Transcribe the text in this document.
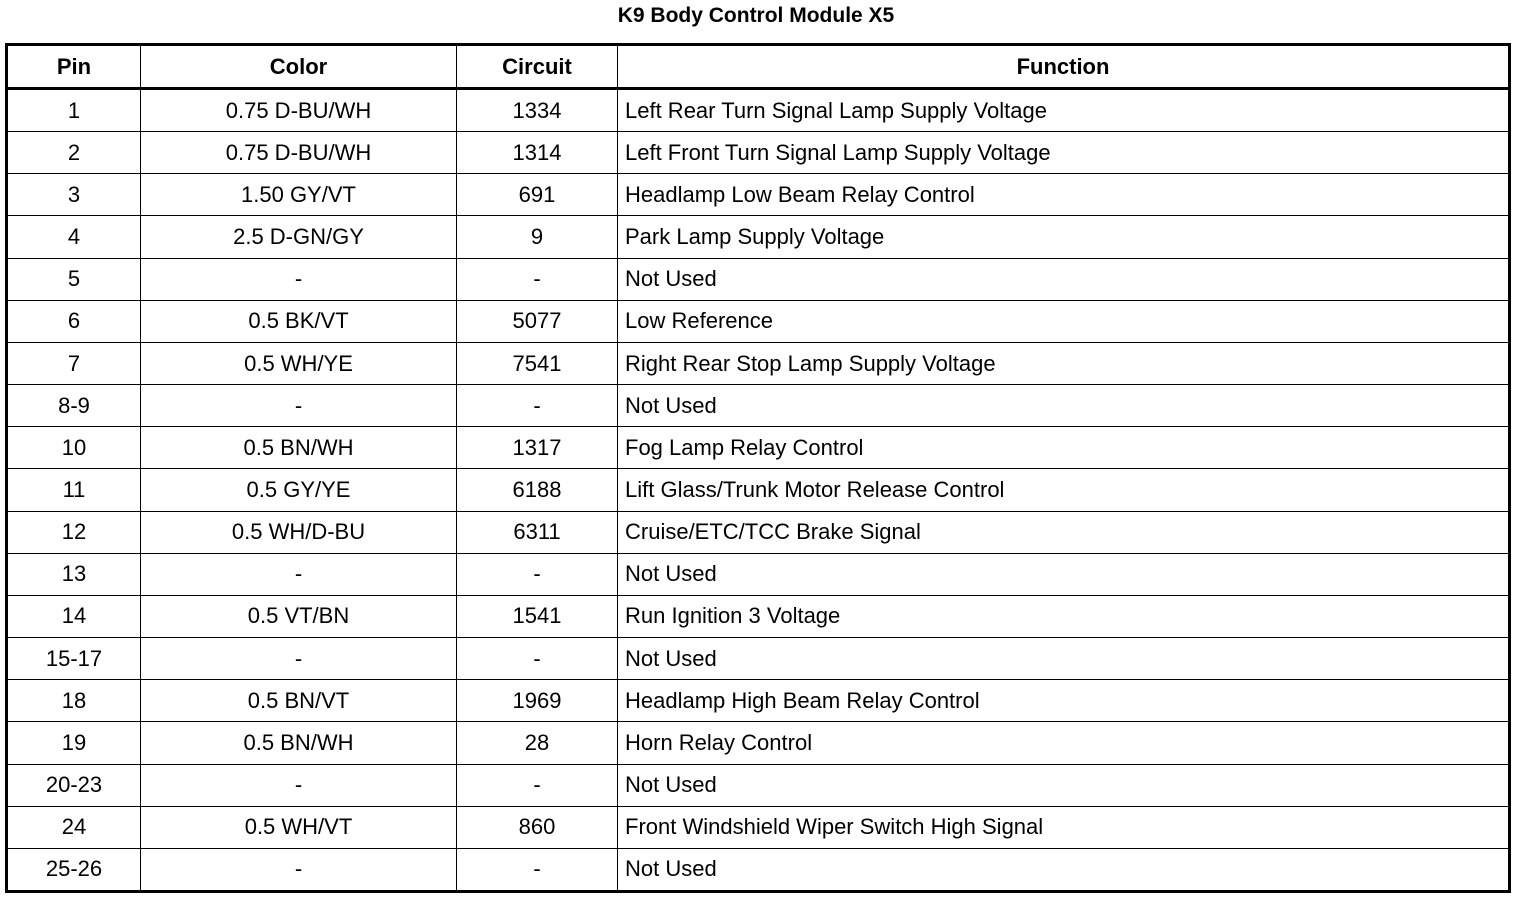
K9 Body Control Module X5
Pin	Color	Circuit	Function
1	0.75 D-BU/WH	1334	Left Rear Turn Signal Lamp Supply Voltage
2	0.75 D-BU/WH	1314	Left Front Turn Signal Lamp Supply Voltage
3	1.50 GY/VT	691	Headlamp Low Beam Relay Control
4	2.5 D-GN/GY	9	Park Lamp Supply Voltage
5	-	-	Not Used
6	0.5 BK/VT	5077	Low Reference
7	0.5 WH/YE	7541	Right Rear Stop Lamp Supply Voltage
8-9	-	-	Not Used
10	0.5 BN/WH	1317	Fog Lamp Relay Control
11	0.5 GY/YE	6188	Lift Glass/Trunk Motor Release Control
12	0.5 WH/D-BU	6311	Cruise/ETC/TCC Brake Signal
13	-	-	Not Used
14	0.5 VT/BN	1541	Run Ignition 3 Voltage
15-17	-	-	Not Used
18	0.5 BN/VT	1969	Headlamp High Beam Relay Control
19	0.5 BN/WH	28	Horn Relay Control
20-23	-	-	Not Used
24	0.5 WH/VT	860	Front Windshield Wiper Switch High Signal
25-26	-	-	Not Used
